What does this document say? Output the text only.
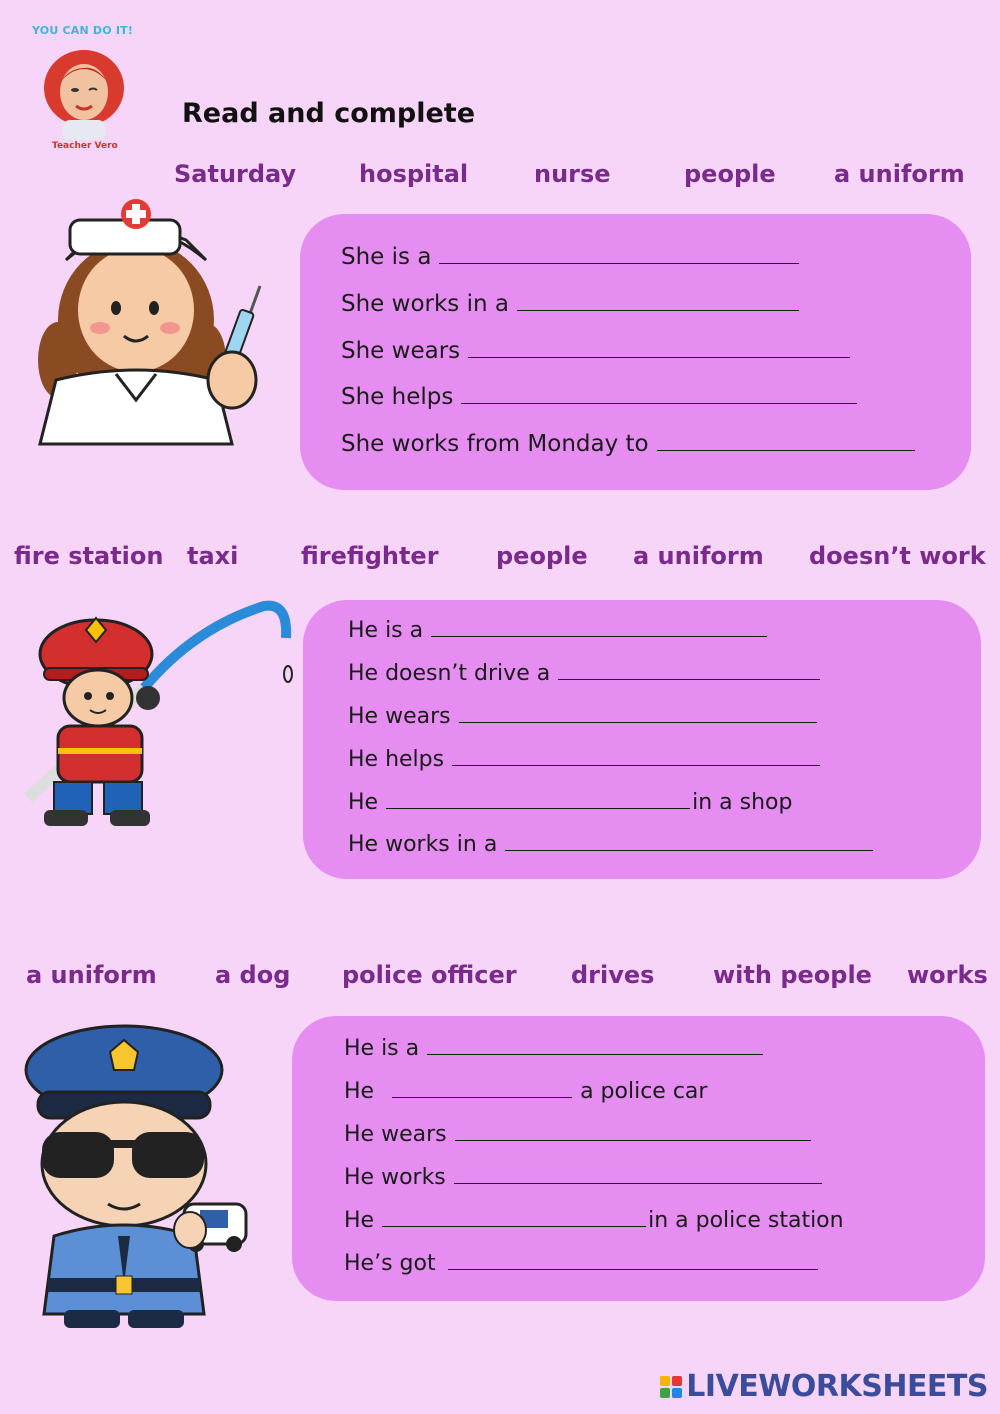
YOU CAN DO IT!
Teacher Vero
Read and complete
Saturday	hospital	nurse	people a uniform
She is a
She works in a
She wears
She helps
She works from Monday to
fire station taxi	firefighter people a uniform doesn’t work
He is a
He doesn’t drive a
He wears
He helps
He	in a shop
He works in a
a uniform a dog police officer drives with people works
He is a
He	a police car
He wears
He works
He	in a police station
He’s got
LIVEWORKSHEETS
